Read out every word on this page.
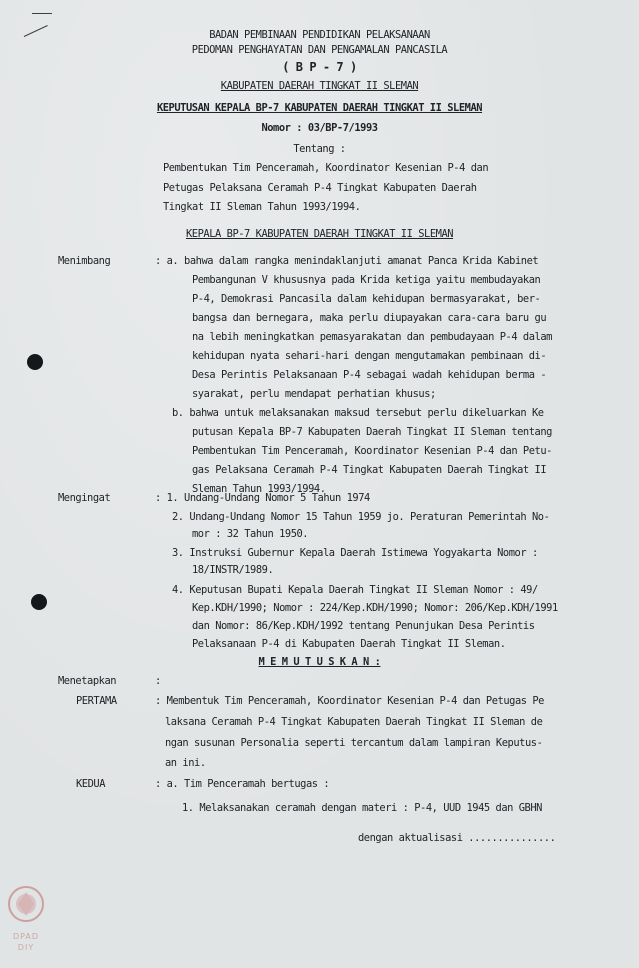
BADAN PEMBINAAN PENDIDIKAN PELAKSANAAN
PEDOMAN PENGHAYATAN DAN PENGAMALAN PANCASILA
( B P - 7 )
KABUPATEN DAERAH TINGKAT II SLEMAN
KEPUTUSAN KEPALA BP-7 KABUPATEN DAERAH TINGKAT II SLEMAN
Nomor : 03/BP-7/1993
Tentang :
Pembentukan Tim Penceramah, Koordinator Kesenian P-4 dan
Petugas Pelaksana Ceramah P-4 Tingkat Kabupaten Daerah
Tingkat II Sleman Tahun 1993/1994.
KEPALA BP-7 KABUPATEN DAERAH TINGKAT II SLEMAN
Menimbang	: a. bahwa dalam rangka menindaklanjuti amanat Panca Krida Kabinet
Pembangunan V khususnya pada Krida ketiga yaitu membudayakan
P-4, Demokrasi Pancasila dalam kehidupan bermasyarakat, ber-
bangsa dan bernegara, maka perlu diupayakan cara-cara baru gu
na lebih meningkatkan pemasyarakatan dan pembudayaan P-4 dalam
kehidupan nyata sehari-hari dengan mengutamakan pembinaan di-
Desa Perintis Pelaksanaan P-4 sebagai wadah kehidupan berma -
syarakat, perlu mendapat perhatian khusus;
b. bahwa untuk melaksanakan maksud tersebut perlu dikeluarkan Ke
putusan Kepala BP-7 Kabupaten Daerah Tingkat II Sleman tentang
Pembentukan Tim Penceramah, Koordinator Kesenian P-4 dan Petu-
gas Pelaksana Ceramah P-4 Tingkat Kabupaten Daerah Tingkat II
Sleman Tahun 1993/1994.
Mengingat	: 1. Undang-Undang Nomor 5 Tahun 1974
2. Undang-Undang Nomor 15 Tahun 1959 jo. Peraturan Pemerintah No-
mor : 32 Tahun 1950.
3. Instruksi Gubernur Kepala Daerah Istimewa Yogyakarta Nomor :
18/INSTR/1989.
4. Keputusan Bupati Kepala Daerah Tingkat II Sleman Nomor : 49/
Kep.KDH/1990; Nomor : 224/Kep.KDH/1990; Nomor: 206/Kep.KDH/1991
dan Nomor: 86/Kep.KDH/1992 tentang Penunjukan Desa Perintis
Pelaksanaan P-4 di Kabupaten Daerah Tingkat II Sleman.
M E M U T U S K A N :
Menetapkan	:
PERTAMA	: Membentuk Tim Penceramah, Koordinator Kesenian P-4 dan Petugas Pe
laksana Ceramah P-4 Tingkat Kabupaten Daerah Tingkat II Sleman de
ngan susunan Personalia seperti tercantum dalam lampiran Keputus-
an ini.
KEDUA	: a. Tim Penceramah bertugas :
1. Melaksanakan ceramah dengan materi : P-4, UUD 1945 dan GBHN
dengan aktualisasi ...............
DPAD
DIY
